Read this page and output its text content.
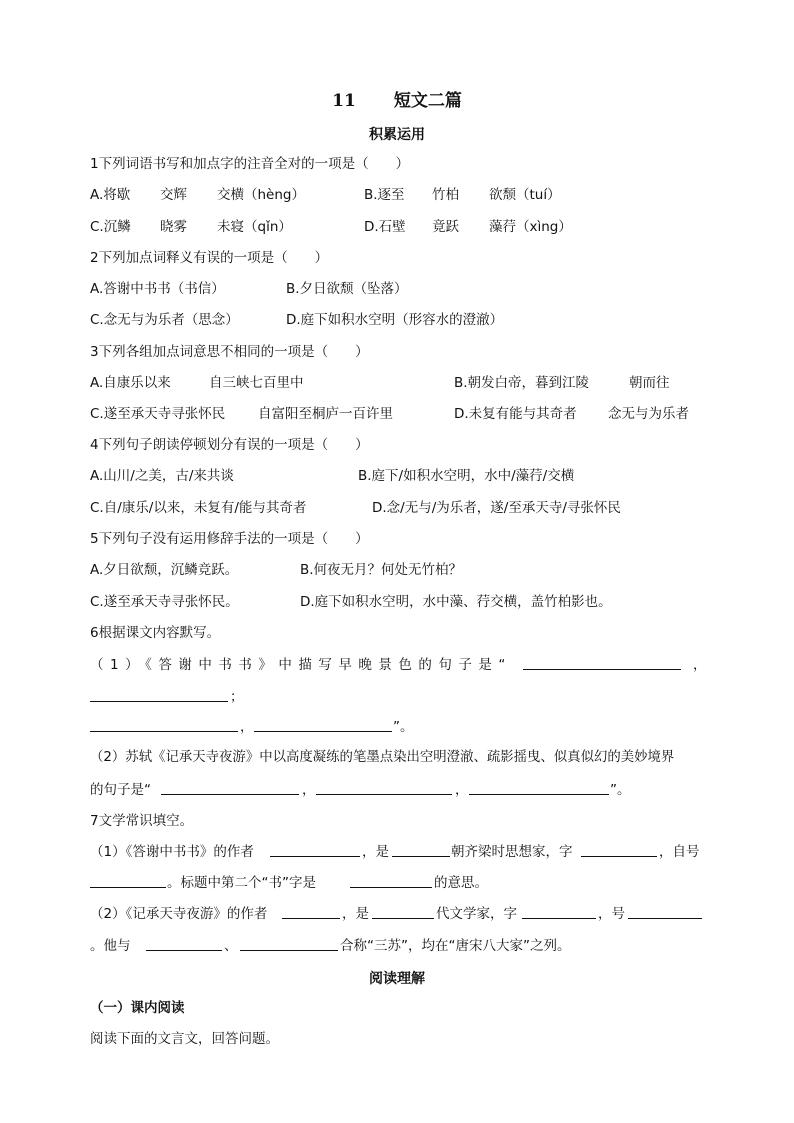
11 短文二篇
积累运用
1下列词语书写和加点字的注音全对的一项是（　　）
A.将歇 交辉 交横（hèng）	B.逐至 竹柏 欲颓（tuí）
C.沉鳞 晓雾 未寝（qǐn）	D.石壁 竟跃 藻荇（xìng）
2下列加点词释义有误的一项是（　　）
A.答谢中书书（书信）	B.夕日欲颓（坠落）
C.念无与为乐者（思念）	D.庭下如积水空明（形容水的澄澈）
3下列各组加点词意思不相同的一项是（　　）
A.自康乐以来	自三峡七百里中	B.朝发白帝，暮到江陵	朝而往
C.遂至承天寺寻张怀民 自富阳至桐庐一百许里	D.未复有能与其奇者 念无与为乐者
4下列句子朗读停顿划分有误的一项是（　　）
A.山川/之美，古/来共谈	B.庭下/如积水空明，水中/藻荇/交横
C.自/康乐/以来，未复有/能与其奇者	D.念/无与/为乐者，遂/至承天寺/寻张怀民
5下列句子没有运用修辞手法的一项是（　　）
A.夕日欲颓，沉鳞竞跃。	B.何夜无月？何处无竹柏？
C.遂至承天寺寻张怀民。	D.庭下如积水空明，水中藻、荇交横，盖竹柏影也。
6根据课文内容默写。
（1）《答谢中书书》中描写早晚景色的句子是“	，
；
，	”。
（2）苏轼《记承天寺夜游》中以高度凝练的笔墨点染出空明澄澈、疏影摇曳、似真似幻的美妙境界
的句子是“	，	，	”。
7文学常识填空。
（1）《答谢中书书》的作者	，是	朝齐梁时思想家，字	，自号
。标题中第二个“书”字是	的意思。
（2）《记承天寺夜游》的作者	，是	代文学家，字	，号
。他与	、	合称“三苏”，均在“唐宋八大家”之列。
阅读理解
（一）课内阅读
阅读下面的文言文，回答问题。
